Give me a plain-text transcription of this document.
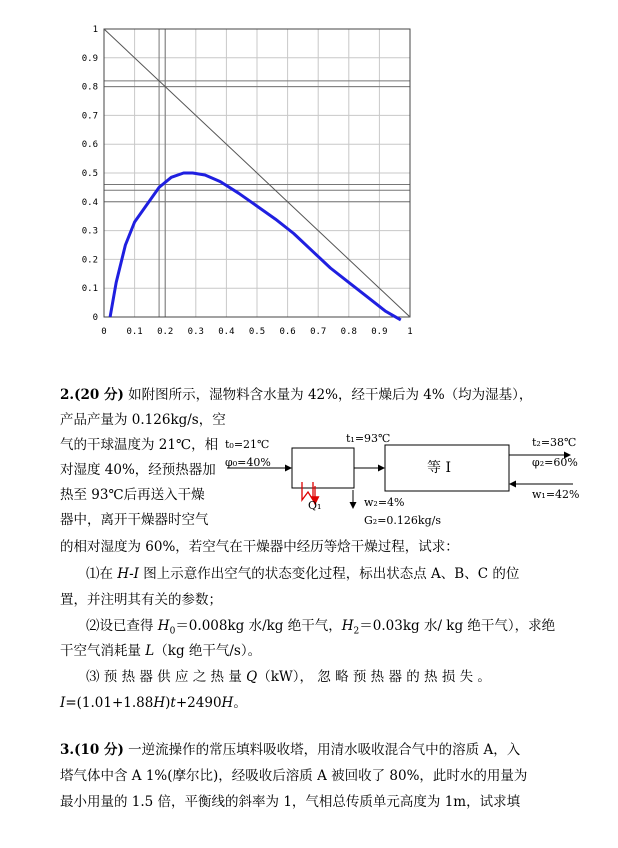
0 0.1 0.2 0.3 0.4 0.5 0.6 0.7 0.8 0.9 1
0
0.1
0.2
0.3
0.4
0.5
0.6
0.7
0.8
0.9
1
2.(20 分) 如附图所示，湿物料含水量为 42%，经干燥后为 4%（均为湿基），
产品产量为 0.126kg/s，空
气的干球温度为 21℃，相
对湿度 40%，经预热器加
热至 93℃后再送入干燥
器中，离开干燥器时空气
的相对湿度为 60%，若空气在干燥器中经历等焓干燥过程，试求：
⑴在 H-I 图上示意作出空气的状态变化过程，标出状态点 A、B、C 的位
置，并注明其有关的参数；
⑵设已查得 $H_0=0.008kg$ 水/kg 绝干气，$H_2=0.03kg$ 水/ kg 绝干气），求绝
干空气消耗量 L（kg 绝干气/s）。
⑶ 预 热 器 供 应 之 热 量 Q（kW）， 忽 略 预 热 器 的 热 损 失 。
I=(1.01+1.88H)t+2490H。
t₀=21℃
φ₀=40%
t₁=93℃	t₂=38℃
φ₂=60%
w₁=42%
w₂=4%
G₂=0.126kg/s
Q₁
等 I
3.(10 分) 一逆流操作的常压填料吸收塔，用清水吸收混合气中的溶质 A，入
塔气体中含 A 1%(摩尔比)，经吸收后溶质 A 被回收了 80%，此时水的用量为
最小用量的 1.5 倍，平衡线的斜率为 1，气相总传质单元高度为 1m，试求填
